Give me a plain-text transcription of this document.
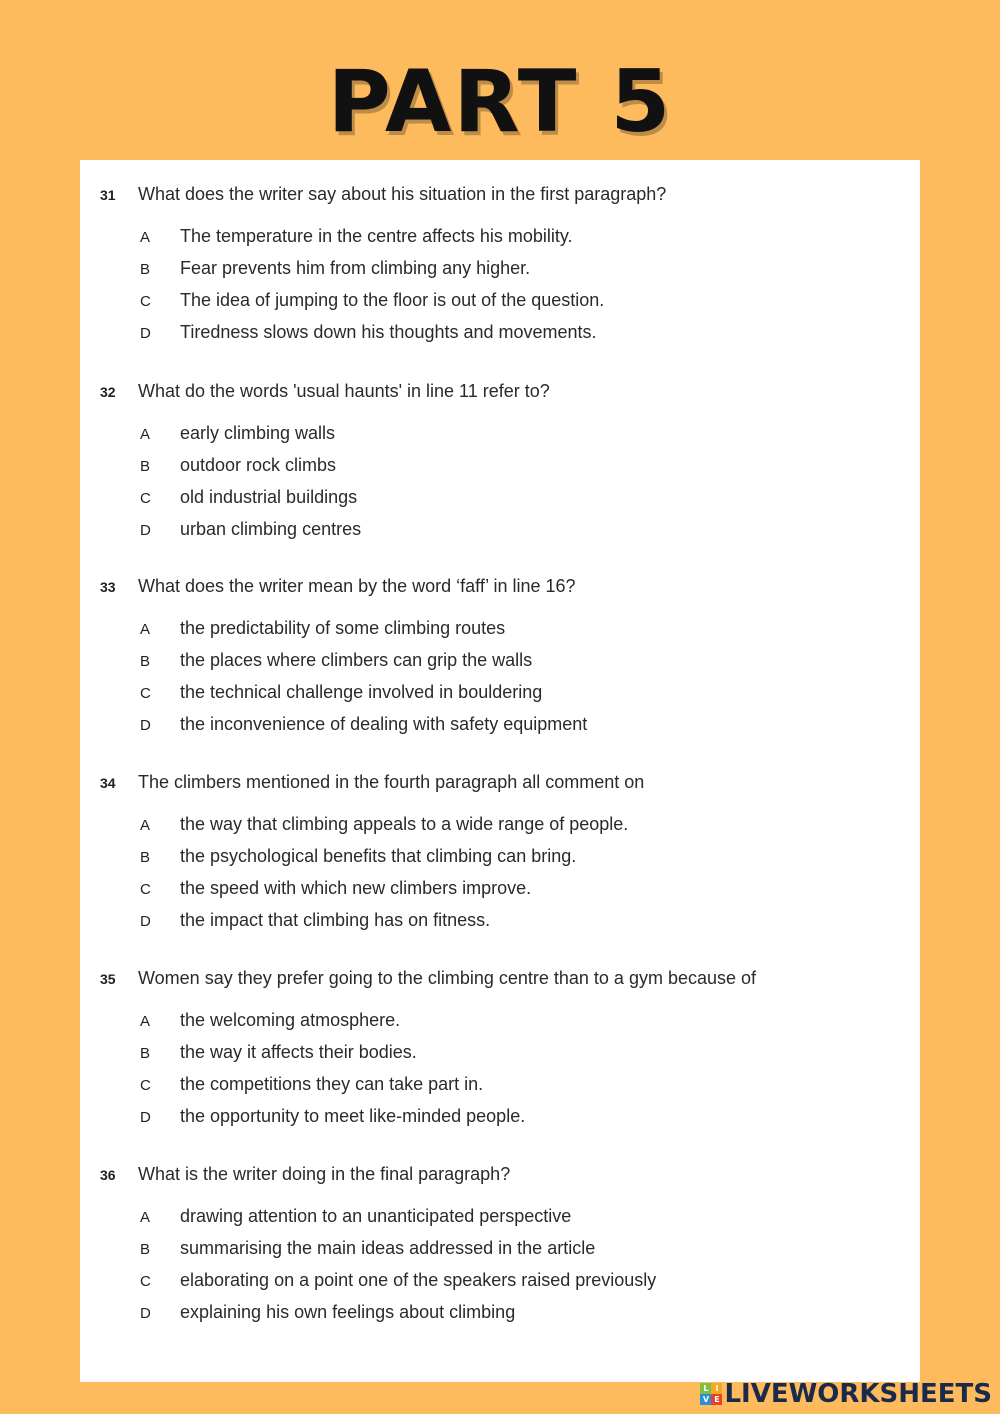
PART 5
31	What does the writer say about his situation in the first paragraph?
A	The temperature in the centre affects his mobility.
B	Fear prevents him from climbing any higher.
C	The idea of jumping to the floor is out of the question.
D	Tiredness slows down his thoughts and movements.
32	What do the words 'usual haunts' in line 11 refer to?
A	early climbing walls
B	outdoor rock climbs
C	old industrial buildings
D	urban climbing centres
33	What does the writer mean by the word ‘faff’ in line 16?
A	the predictability of some climbing routes
B	the places where climbers can grip the walls
C	the technical challenge involved in bouldering
D	the inconvenience of dealing with safety equipment
34	The climbers mentioned in the fourth paragraph all comment on
A	the way that climbing appeals to a wide range of people.
B	the psychological benefits that climbing can bring.
C	the speed with which new climbers improve.
D	the impact that climbing has on fitness.
35	Women say they prefer going to the climbing centre than to a gym because of
A	the welcoming atmosphere.
B	the way it affects their bodies.
C	the competitions they can take part in.
D	the opportunity to meet like-minded people.
36	What is the writer doing in the final paragraph?
A	drawing attention to an unanticipated perspective
B	summarising the main ideas addressed in the article
C	elaborating on a point one of the speakers raised previously
D	explaining his own feelings about climbing
L I
V E LIVEWORKSHEETS
